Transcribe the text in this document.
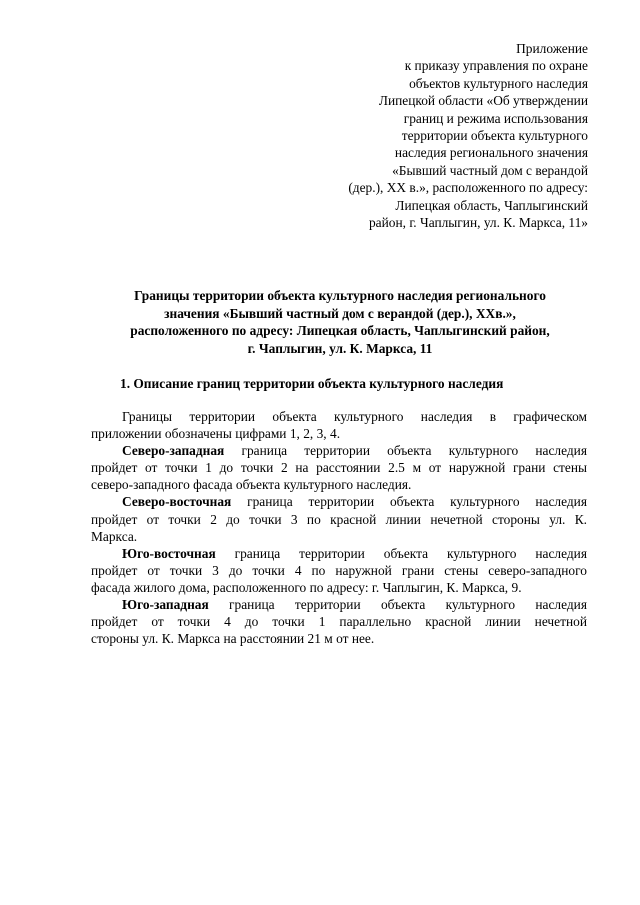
Приложение
к приказу управления по охране
объектов культурного наследия
Липецкой области «Об утверждении
границ и режима использования
территории объекта культурного
наследия регионального значения
«Бывший частный дом с верандой
(дер.), XX в.», расположенного по адресу:
Липецкая область, Чаплыгинский
район, г. Чаплыгин, ул. К. Маркса, 11»
Границы территории объекта культурного наследия регионального
значения «Бывший частный дом с верандой (дер.), XXв.»,
расположенного по адресу: Липецкая область, Чаплыгинский район,
г. Чаплыгин, ул. К. Маркса, 11
1. Описание границ территории объекта культурного наследия
Границы территории объекта культурного наследия в графическом
приложении обозначены цифрами 1, 2, 3, 4.
Северо-западная граница территории объекта культурного наследия
пройдет от точки 1 до точки 2 на расстоянии 2.5 м от наружной грани стены
северо-западного фасада объекта культурного наследия.
Северо-восточная граница территории объекта культурного наследия
пройдет от точки 2 до точки 3 по красной линии нечетной стороны ул. К.
Маркса.
Юго-восточная граница территории объекта культурного наследия
пройдет от точки 3 до точки 4 по наружной грани стены северо-западного
фасада жилого дома, расположенного по адресу: г. Чаплыгин, К. Маркса, 9.
Юго-западная граница территории объекта культурного наследия
пройдет от точки 4 до точки 1 параллельно красной линии нечетной
стороны ул. К. Маркса на расстоянии 21 м от нее.
